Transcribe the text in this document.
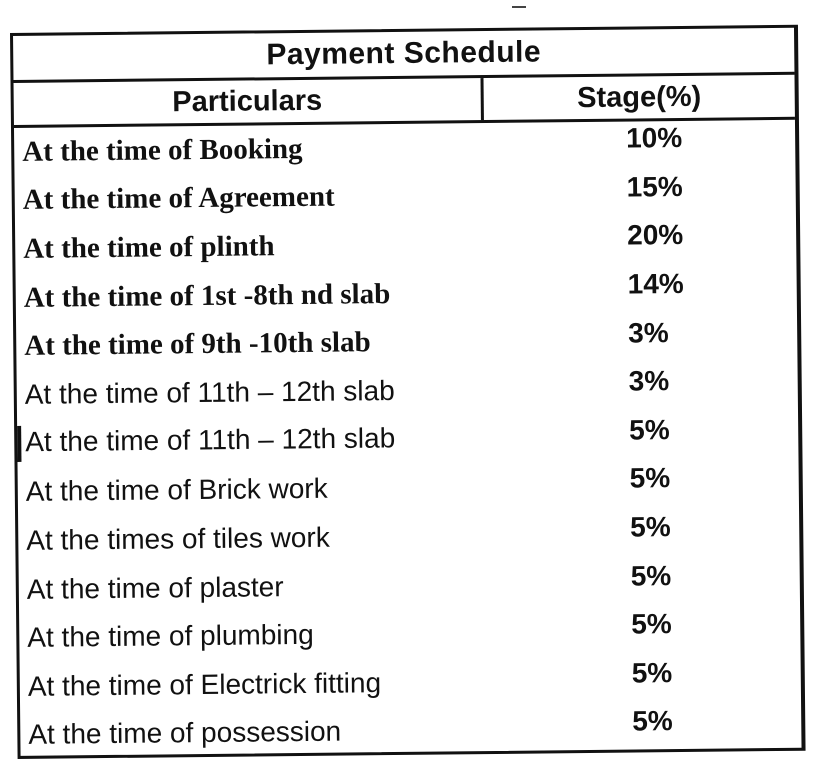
Payment Schedule
Particulars	Stage(%)
At the time of Booking	10%
At the time of Agreement	15%
At the time of plinth	20%
At the time of 1st -8th nd slab	14%
At the time of 9th -10th slab	3%
At the time of 11th – 12th slab	3%
At the time of 11th – 12th slab	5%
At the time of Brick work	5%
At the times of tiles work	5%
At the time of plaster	5%
At the time of plumbing	5%
At the time of Electrick fitting	5%
At the time of possession	5%
